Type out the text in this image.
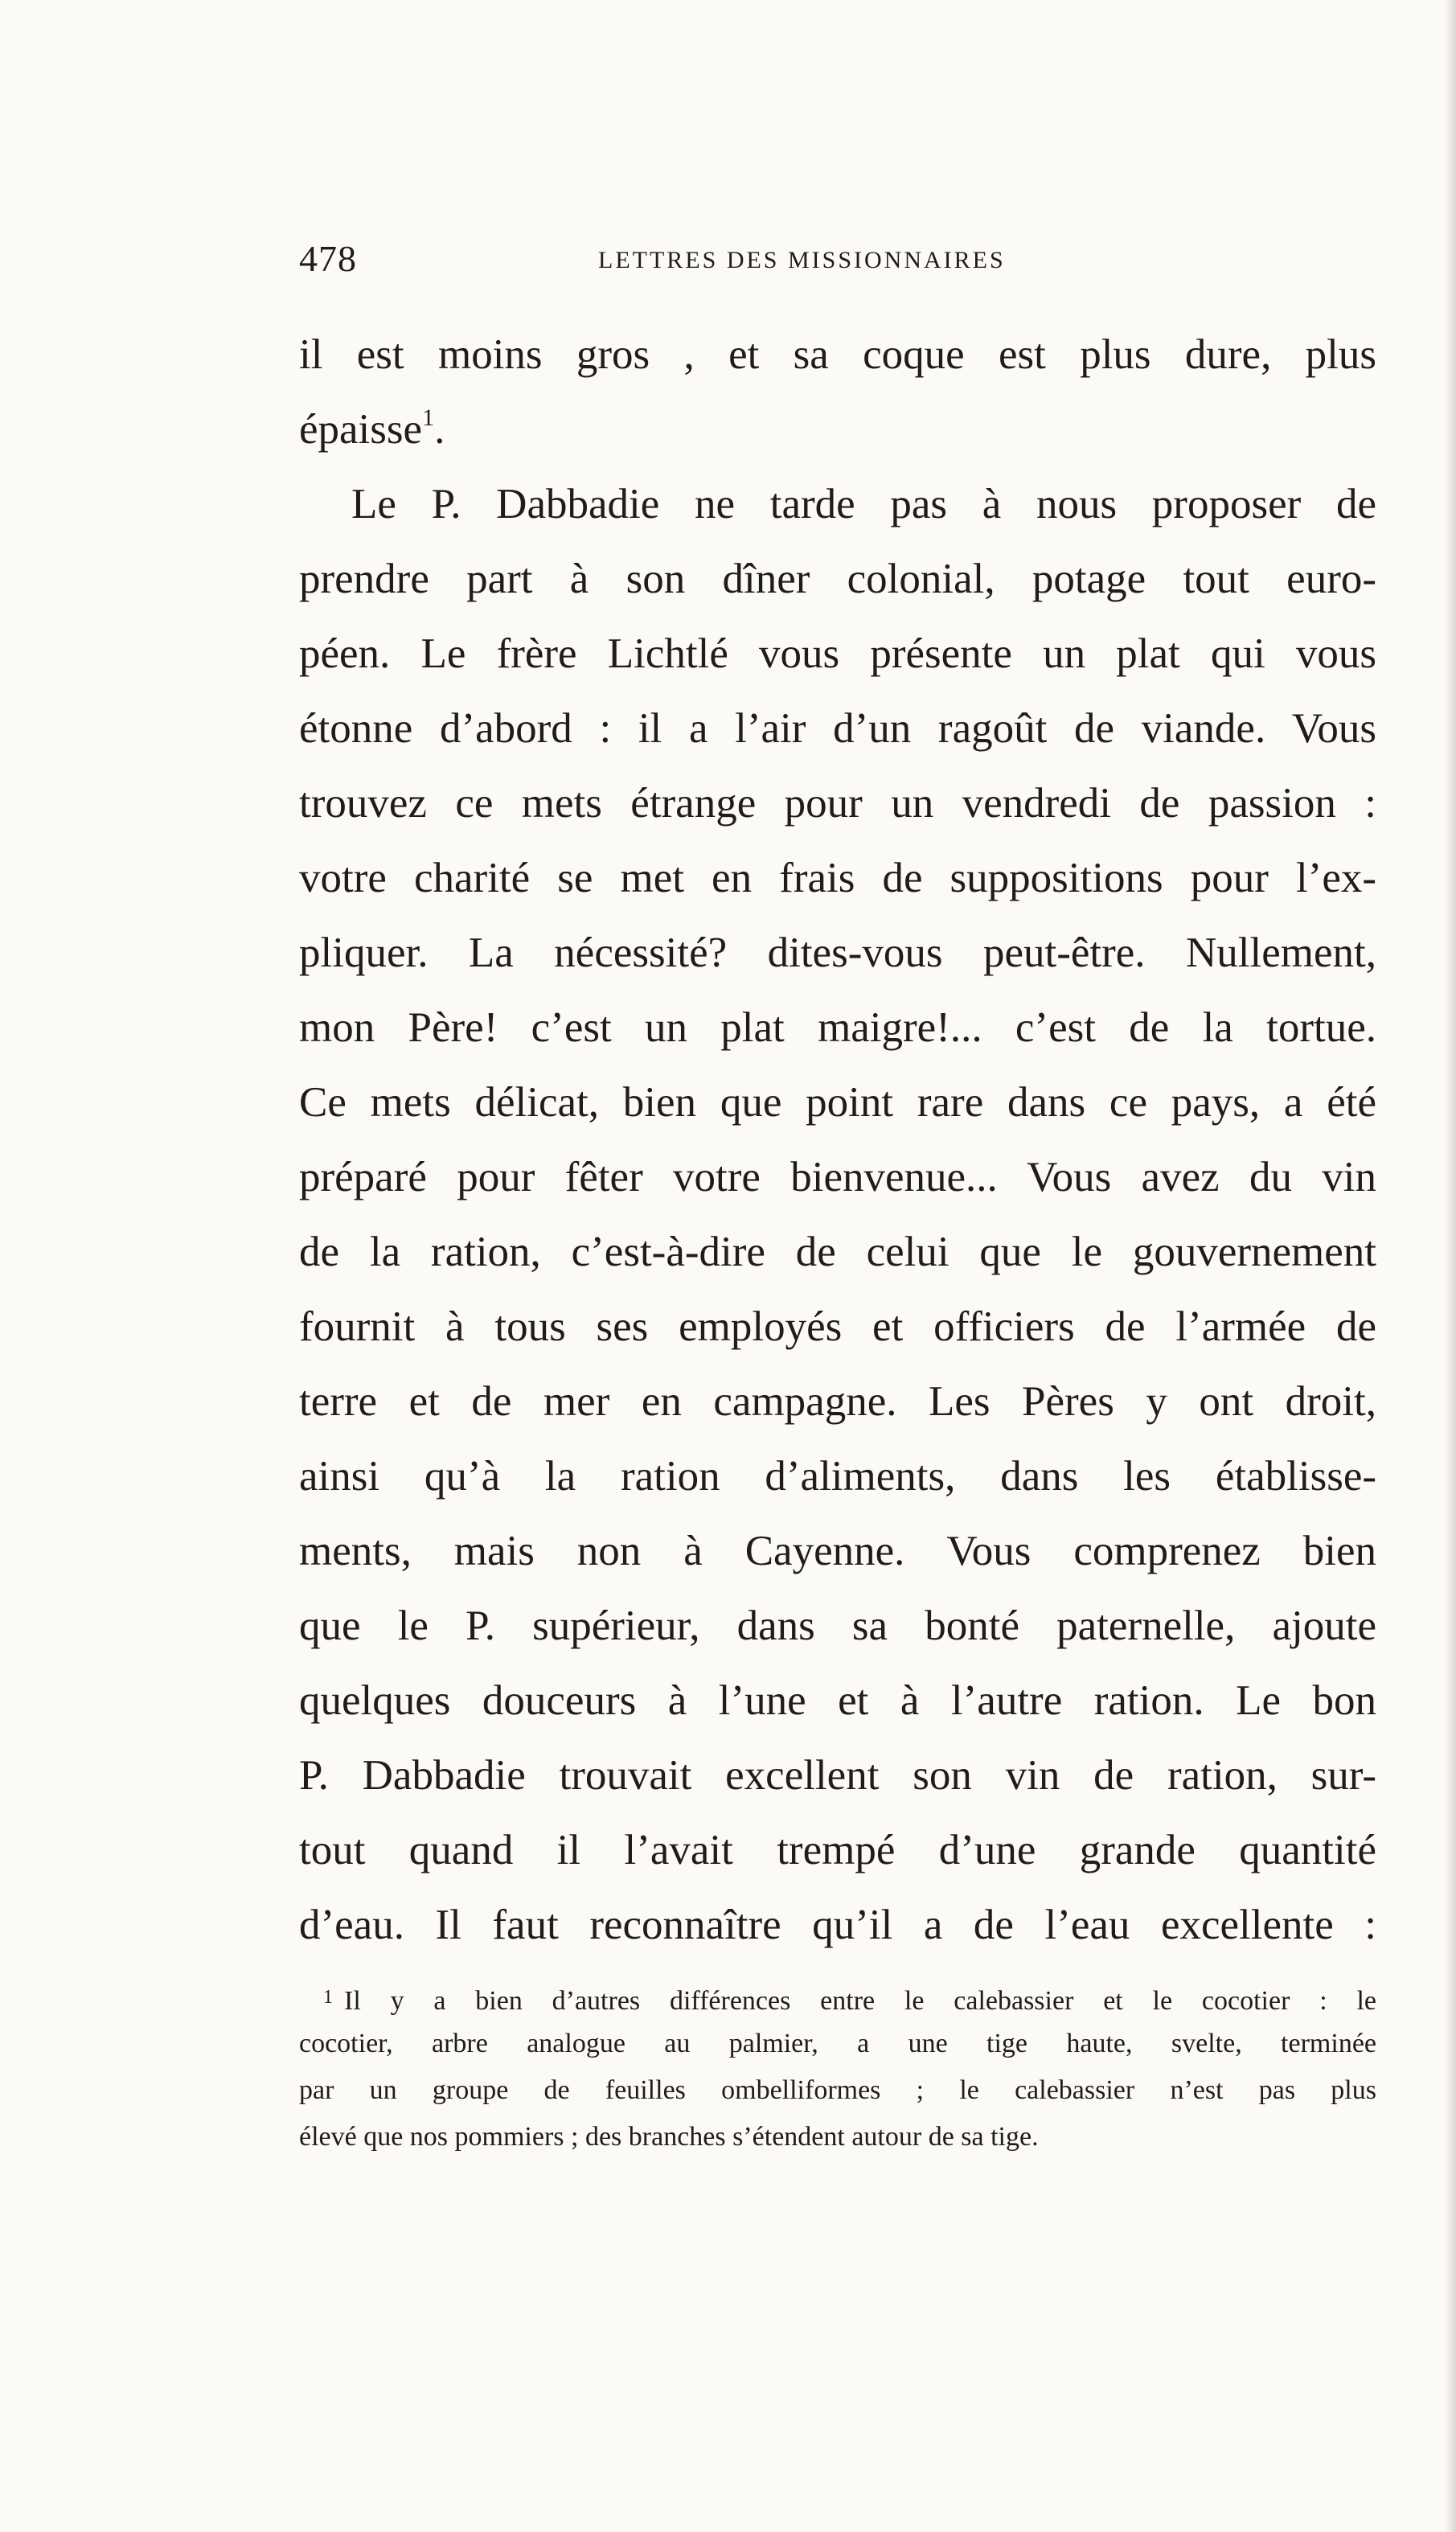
478	LETTRES DES MISSIONNAIRES
il est moins gros , et sa coque est plus dure, plus
épaisse$^1$.
Le P. Dabbadie ne tarde pas à nous proposer de
prendre part à son dîner colonial, potage tout euro-
péen. Le frère Lichtlé vous présente un plat qui vous
étonne d’abord : il a l’air d’un ragoût de viande. Vous
trouvez ce mets étrange pour un vendredi de passion :
votre charité se met en frais de suppositions pour l’ex-
pliquer. La nécessité? dites-vous peut-être. Nullement,
mon Père! c’est un plat maigre!... c’est de la tortue.
Ce mets délicat, bien que point rare dans ce pays, a été
préparé pour fêter votre bienvenue... Vous avez du vin
de la ration, c’est-à-dire de celui que le gouvernement
fournit à tous ses employés et officiers de l’armée de
terre et de mer en campagne. Les Pères y ont droit,
ainsi qu’à la ration d’aliments, dans les établisse-
ments, mais non à Cayenne. Vous comprenez bien
que le P. supérieur, dans sa bonté paternelle, ajoute
quelques douceurs à l’une et à l’autre ration. Le bon
P. Dabbadie trouvait excellent son vin de ration, sur-
tout quand il l’avait trempé d’une grande quantité
d’eau. Il faut reconnaître qu’il a de l’eau excellente :
$^1$ Il y a bien d’autres différences entre le calebassier et le cocotier : le
cocotier, arbre analogue au palmier, a une tige haute, svelte, terminée
par un groupe de feuilles ombelliformes ; le calebassier n’est pas plus
élevé que nos pommiers ; des branches s’étendent autour de sa tige.
